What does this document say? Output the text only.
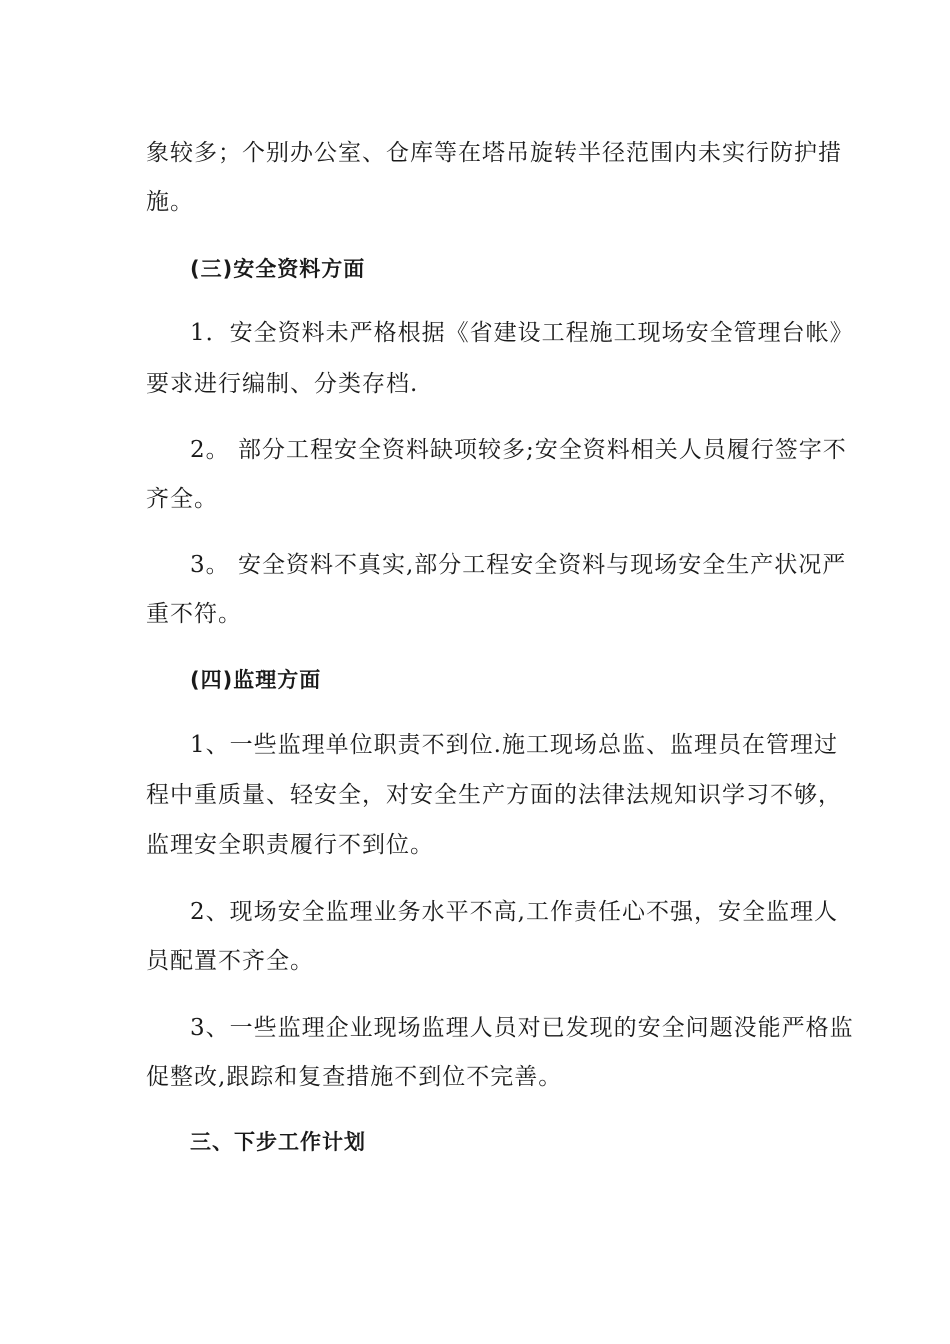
象较多；个别办公室、仓库等在塔吊旋转半径范围内未实行防护措
施。
(三)安全资料方面
1．安全资料未严格根据《省建设工程施工现场安全管理台帐》
要求进行编制、分类存档.
2。 部分工程安全资料缺项较多;安全资料相关人员履行签字不
齐全。
3。 安全资料不真实,部分工程安全资料与现场安全生产状况严
重不符。
(四)监理方面
1、一些监理单位职责不到位.施工现场总监、监理员在管理过
程中重质量、轻安全，对安全生产方面的法律法规知识学习不够，
监理安全职责履行不到位。
2、现场安全监理业务水平不高,工作责任心不强，安全监理人
员配置不齐全。
3、一些监理企业现场监理人员对已发现的安全问题没能严格监
促整改,跟踪和复查措施不到位不完善。
三、下步工作计划
